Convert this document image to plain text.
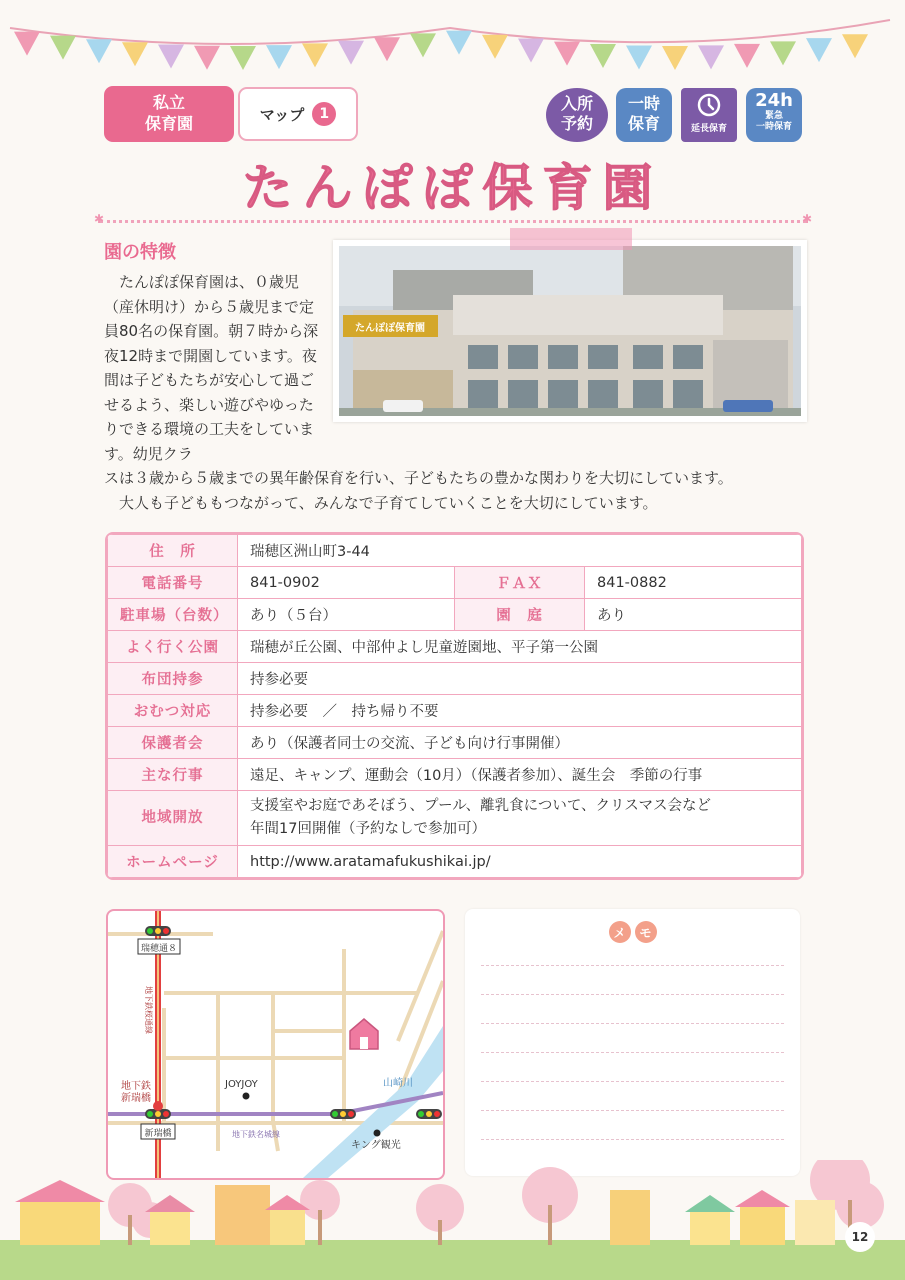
私立
保育園	マップ	1
入所
予約
一時
保育	延長保育
24h
緊急
一時保育
たんぽぽ保育園
✱	✱
園の特徴
たんぽぽ保育園
たんぽぽ保育園は、０歳児（産休明け）から５歳児まで定員80名の保育園。朝７時から深夜12時まで開園しています。夜間は子どもたちが安心して過ごせるよう、楽しい遊びやゆったりできる環境の工夫をしています。幼児クラ
スは３歳から５歳までの異年齢保育を行い、子どもたちの豊かな関わりを大切にしています。
大人も子どももつながって、みんなで子育てしていくことを大切にしています。
住　所	瑞穂区洲山町3-44		
電話番号	841-0902	ＦＡＸ	841-0882
駐車場（台数）	あり（５台）	園　庭	あり
よく行く公園	瑞穂が丘公園、中部仲よし児童遊園地、平子第一公園		
布団持参	持参必要		
おむつ対応	持参必要　／　持ち帰り不要		
保護者会	あり（保護者同士の交流、子ども向け行事開催）		
主な行事	遠足、キャンプ、運動会（10月）（保護者参加）、誕生会　季節の行事		
地域開放	支援室やお庭であそぼう、プール、離乳食について、クリスマス会など
年間17回開催（予約なしで参加可）		

ホームページ	http://www.aratamafukushikai.jp/		
瑞穂通８
新瑞橋
地下鉄
新瑞橋
地下鉄桜通線
JOYJOY	山崎川
地下鉄名城線
キング観光
メ	モ
12
